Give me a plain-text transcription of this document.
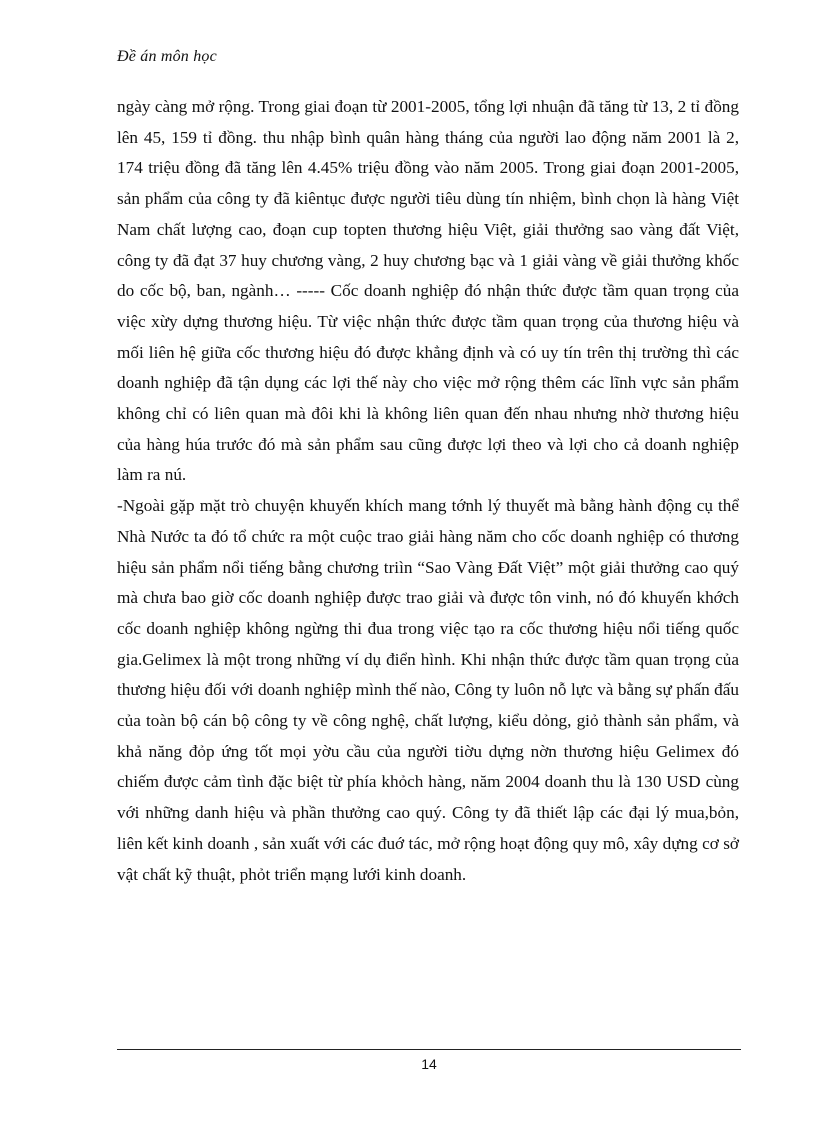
Đề án môn học

ngày càng mở rộng. Trong giai đoạn từ 2001-2005, tổng lợi nhuận đã tăng từ 13, 2 tỉ đồng lên 45, 159 tỉ đồng. thu nhập bình quân hàng tháng của người lao động năm 2001 là 2, 174 triệu đồng đã tăng lên 4.45% triệu đồng vào năm 2005. Trong giai đoạn 2001-2005, sản phẩm của công ty đã kiêntục được người tiêu dùng tín nhiệm, bình chọn là hàng Việt Nam chất lượng cao, đoạn cup topten thương hiệu Việt, giải thưởng sao vàng đất Việt, công ty đã đạt 37 huy chương vàng, 2 huy chương bạc và 1 giải vàng về giải thưởng khốc do cốc bộ, ban, ngành… ----- Cốc doanh nghiệp đó nhận thức được tầm quan trọng của việc xừy dựng thương hiệu. Từ việc nhận thức được tầm quan trọng của thương hiệu và mối liên hệ giữa cốc thương hiệu đó được khẳng định và có uy tín trên thị trường thì các doanh nghiệp đã tận dụng các lợi thế này cho việc mở rộng thêm các lĩnh vực sản phẩm không chỉ có liên quan mà đôi khi là không liên quan đến nhau nhưng nhờ thương hiệu của hàng húa trước đó mà sản phẩm sau cũng được lợi theo và lợi cho cả doanh nghiệp làm ra nú.

-Ngoài gặp mặt trò chuyện khuyến khích mang tớnh lý thuyết mà bằng hành động cụ thể Nhà Nước ta đó tổ chức ra một cuộc trao giải hàng năm cho cốc doanh nghiệp có thương hiệu sản phẩm nổi tiếng bằng chương triìn “Sao Vàng Đất Việt” một giải thưởng cao quý mà chưa bao giờ cốc doanh nghiệp được trao giải và được tôn vinh, nó đó khuyến khớch cốc doanh nghiệp không ngừng thi đua trong việc tạo ra cốc thương hiệu nổi tiếng quốc gia.Gelimex là một trong những ví dụ điển hình. Khi nhận thức được tầm quan trọng của thương hiệu đối với doanh nghiệp mình thế nào, Công ty luôn nỗ lực và bằng sự phấn đấu của toàn bộ cán bộ công ty về công nghệ, chất lượng, kiểu dỏng, giỏ thành sản phẩm, và khả năng đỏp ứng tốt mọi yờu cầu của người tiờu dựng nờn thương hiệu Gelimex đó chiếm được cảm tình đặc biệt từ phía khỏch hàng, năm 2004 doanh thu là 130 USD cùng với những danh hiệu và phần thưởng cao quý. Công ty đã thiết lập các đại lý mua,bỏn, liên kết kinh doanh , sản xuất với các đuớ tác, mở rộng hoạt động quy mô, xây dựng cơ sở vật chất kỹ thuật, phỏt triển mạng lưới kinh doanh.

14
